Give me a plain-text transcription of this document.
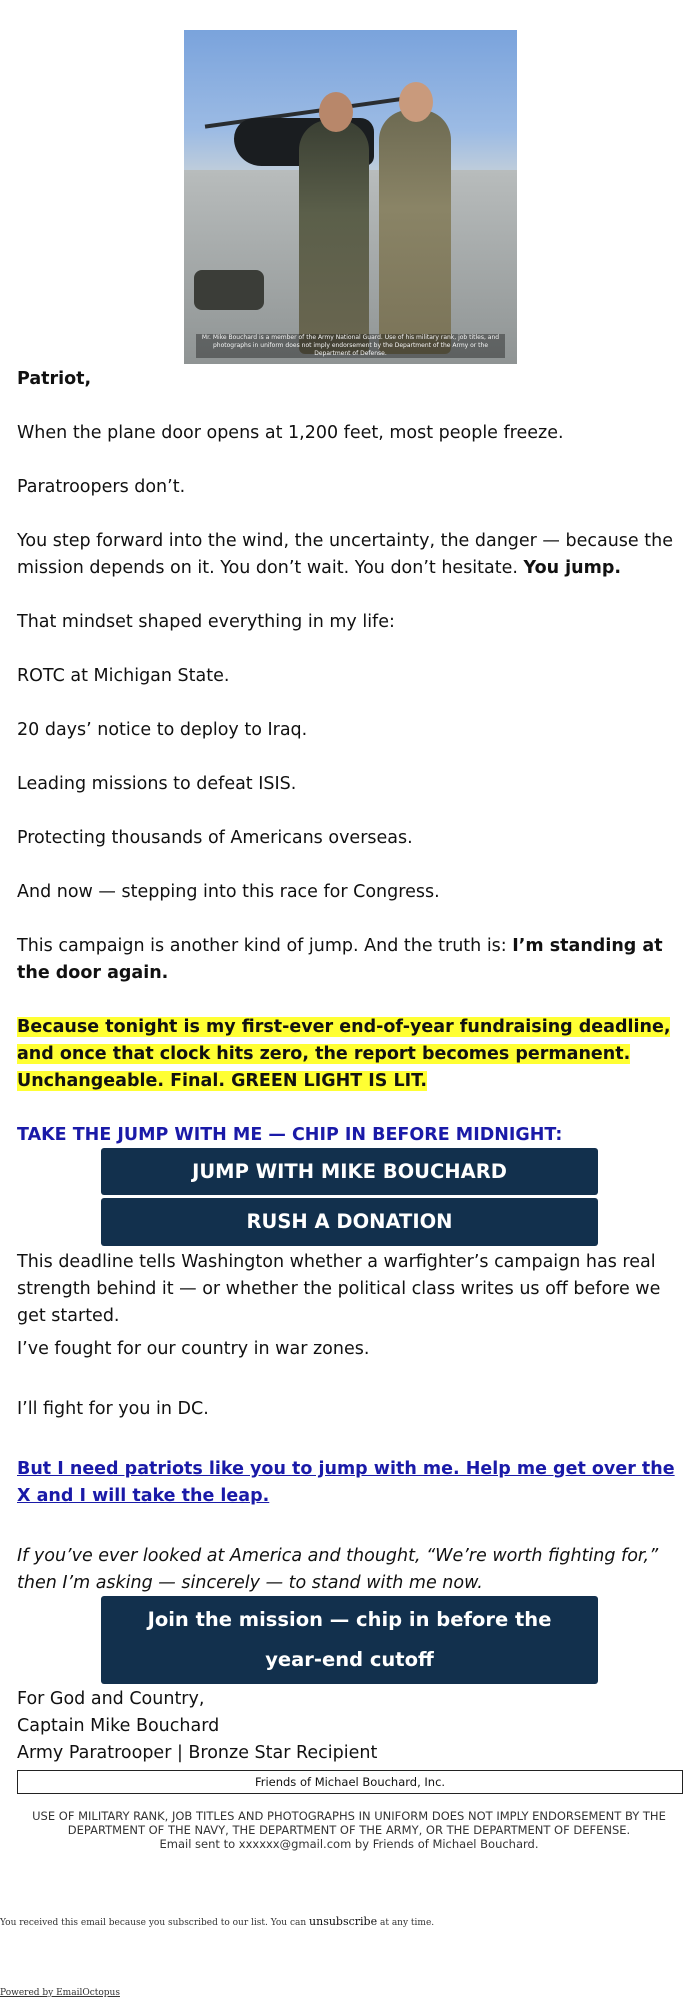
Mr. Mike Bouchard is a member of the Army National Guard. Use of his military rank, job titles, and photographs in uniform does not imply endorsement by the Department of the Army or the Department of Defense.
Patriot,
When the plane door opens at 1,200 feet, most people freeze.
Paratroopers don’t.
You step forward into the wind, the uncertainty, the danger — because the mission depends on it. You don’t wait. You don’t hesitate. You jump.
That mindset shaped everything in my life:
ROTC at Michigan State.
20 days’ notice to deploy to Iraq.
Leading missions to defeat ISIS.
Protecting thousands of Americans overseas.
And now — stepping into this race for Congress.
This campaign is another kind of jump. And the truth is: I’m standing at the door again.
Because tonight is my first-ever end-of-year fundraising deadline, and once that clock hits zero, the report becomes permanent. Unchangeable. Final. GREEN LIGHT IS LIT.
TAKE THE JUMP WITH ME — CHIP IN BEFORE MIDNIGHT:
JUMP WITH MIKE BOUCHARD
RUSH A DONATION
This deadline tells Washington whether a warfighter’s campaign has real strength behind it — or whether the political class writes us off before we get started.
I’ve fought for our country in war zones.
I’ll fight for you in DC.
But I need patriots like you to jump with me. Help me get over the X and I will take the leap.
If you’ve ever looked at America and thought, “We’re worth fighting for,” then I’m asking — sincerely — to stand with me now.
Join the mission — chip in before the year-end cutoff
For God and Country,
Captain Mike Bouchard
Army Paratrooper | Bronze Star Recipient
Friends of Michael Bouchard, Inc.
USE OF MILITARY RANK, JOB TITLES AND PHOTOGRAPHS IN UNIFORM DOES NOT IMPLY ENDORSEMENT BY THE DEPARTMENT OF THE NAVY, THE DEPARTMENT OF THE ARMY, OR THE DEPARTMENT OF DEFENSE.
Email sent to xxxxxx@gmail.com by Friends of Michael Bouchard.
You received this email because you subscribed to our list. You can unsubscribe at any time.
Powered by EmailOctopus
